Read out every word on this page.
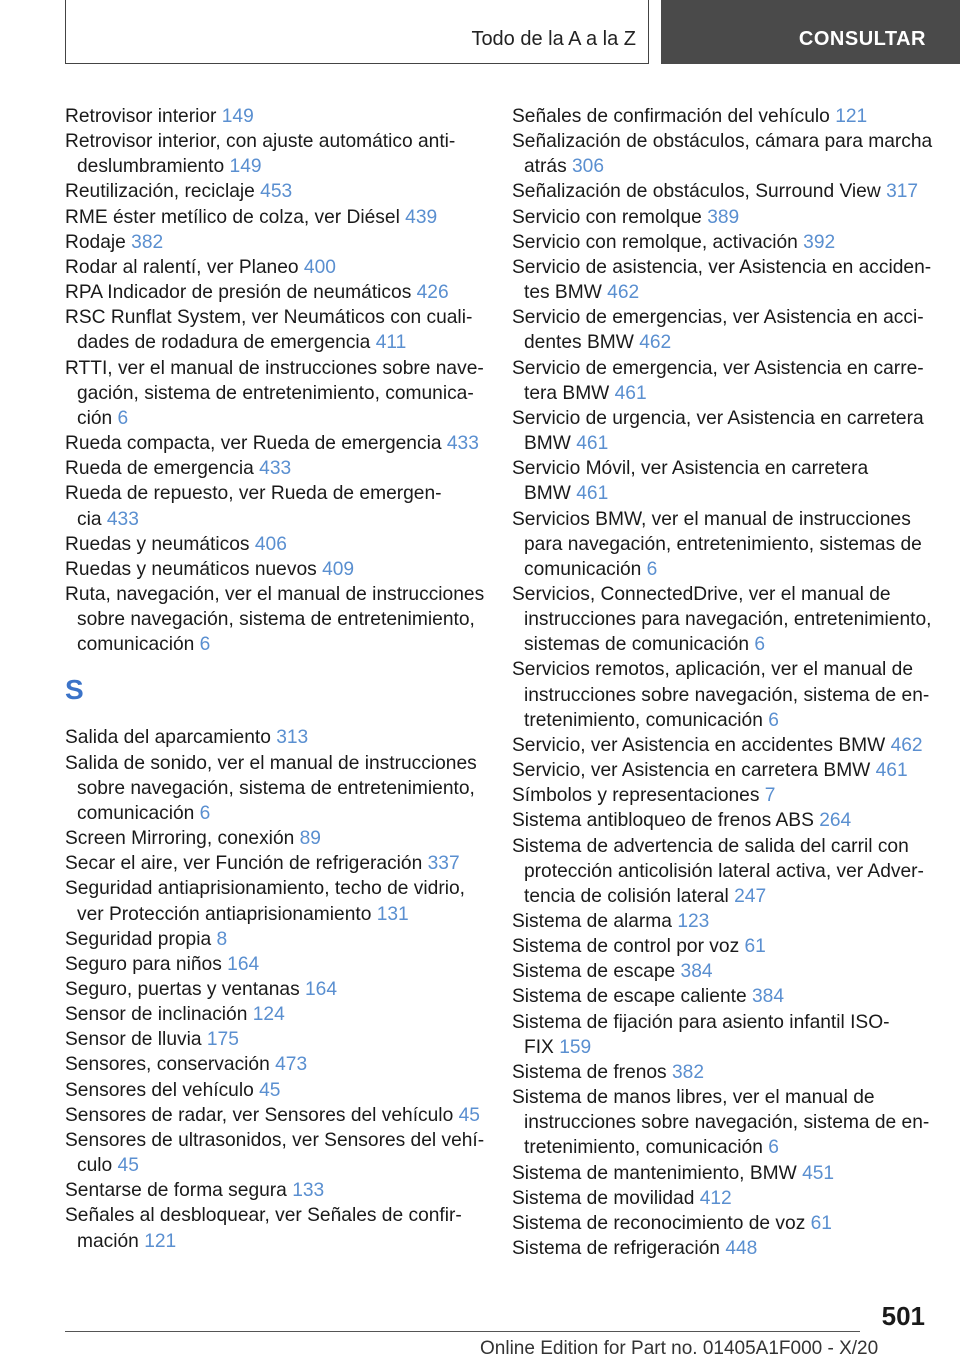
Todo de la A a la Z	CONSULTAR
Retrovisor interior 149
Retrovisor interior, con ajuste automático anti-
deslumbramiento 149
Reutilización, reciclaje 453
RME éster metílico de colza, ver Diésel 439
Rodaje 382
Rodar al ralentí, ver Planeo 400
RPA Indicador de presión de neumáticos 426
RSC Runflat System, ver Neumáticos con cuali-
dades de rodadura de emergencia 411
RTTI, ver el manual de instrucciones sobre nave-
gación, sistema de entretenimiento, comunica-
ción 6
Rueda compacta, ver Rueda de emergencia 433
Rueda de emergencia 433
Rueda de repuesto, ver Rueda de emergen-
cia 433
Ruedas y neumáticos 406
Ruedas y neumáticos nuevos 409
Ruta, navegación, ver el manual de instrucciones
sobre navegación, sistema de entretenimiento,
comunicación 6
S
Salida del aparcamiento 313
Salida de sonido, ver el manual de instrucciones
sobre navegación, sistema de entretenimiento,
comunicación 6
Screen Mirroring, conexión 89
Secar el aire, ver Función de refrigeración 337
Seguridad antiaprisionamiento, techo de vidrio,
ver Protección antiaprisionamiento 131
Seguridad propia 8
Seguro para niños 164
Seguro, puertas y ventanas 164
Sensor de inclinación 124
Sensor de lluvia 175
Sensores, conservación 473
Sensores del vehículo 45
Sensores de radar, ver Sensores del vehículo 45
Sensores de ultrasonidos, ver Sensores del vehí-
culo 45
Sentarse de forma segura 133
Señales al desbloquear, ver Señales de confir-
mación 121
Señales de confirmación del vehículo 121
Señalización de obstáculos, cámara para marcha
atrás 306
Señalización de obstáculos, Surround View 317
Servicio con remolque 389
Servicio con remolque, activación 392
Servicio de asistencia, ver Asistencia en acciden-
tes BMW 462
Servicio de emergencias, ver Asistencia en acci-
dentes BMW 462
Servicio de emergencia, ver Asistencia en carre-
tera BMW 461
Servicio de urgencia, ver Asistencia en carretera
BMW 461
Servicio Móvil, ver Asistencia en carretera
BMW 461
Servicios BMW, ver el manual de instrucciones
para navegación, entretenimiento, sistemas de
comunicación 6
Servicios, ConnectedDrive, ver el manual de
instrucciones para navegación, entretenimiento,
sistemas de comunicación 6
Servicios remotos, aplicación, ver el manual de
instrucciones sobre navegación, sistema de en-
tretenimiento, comunicación 6
Servicio, ver Asistencia en accidentes BMW 462
Servicio, ver Asistencia en carretera BMW 461
Símbolos y representaciones 7
Sistema antibloqueo de frenos ABS 264
Sistema de advertencia de salida del carril con
protección anticolisión lateral activa, ver Adver-
tencia de colisión lateral 247
Sistema de alarma 123
Sistema de control por voz 61
Sistema de escape 384
Sistema de escape caliente 384
Sistema de fijación para asiento infantil ISO-
FIX 159
Sistema de frenos 382
Sistema de manos libres, ver el manual de
instrucciones sobre navegación, sistema de en-
tretenimiento, comunicación 6
Sistema de mantenimiento, BMW 451
Sistema de movilidad 412
Sistema de reconocimiento de voz 61
Sistema de refrigeración 448
501
Online Edition for Part no. 01405A1F000 - X/20
